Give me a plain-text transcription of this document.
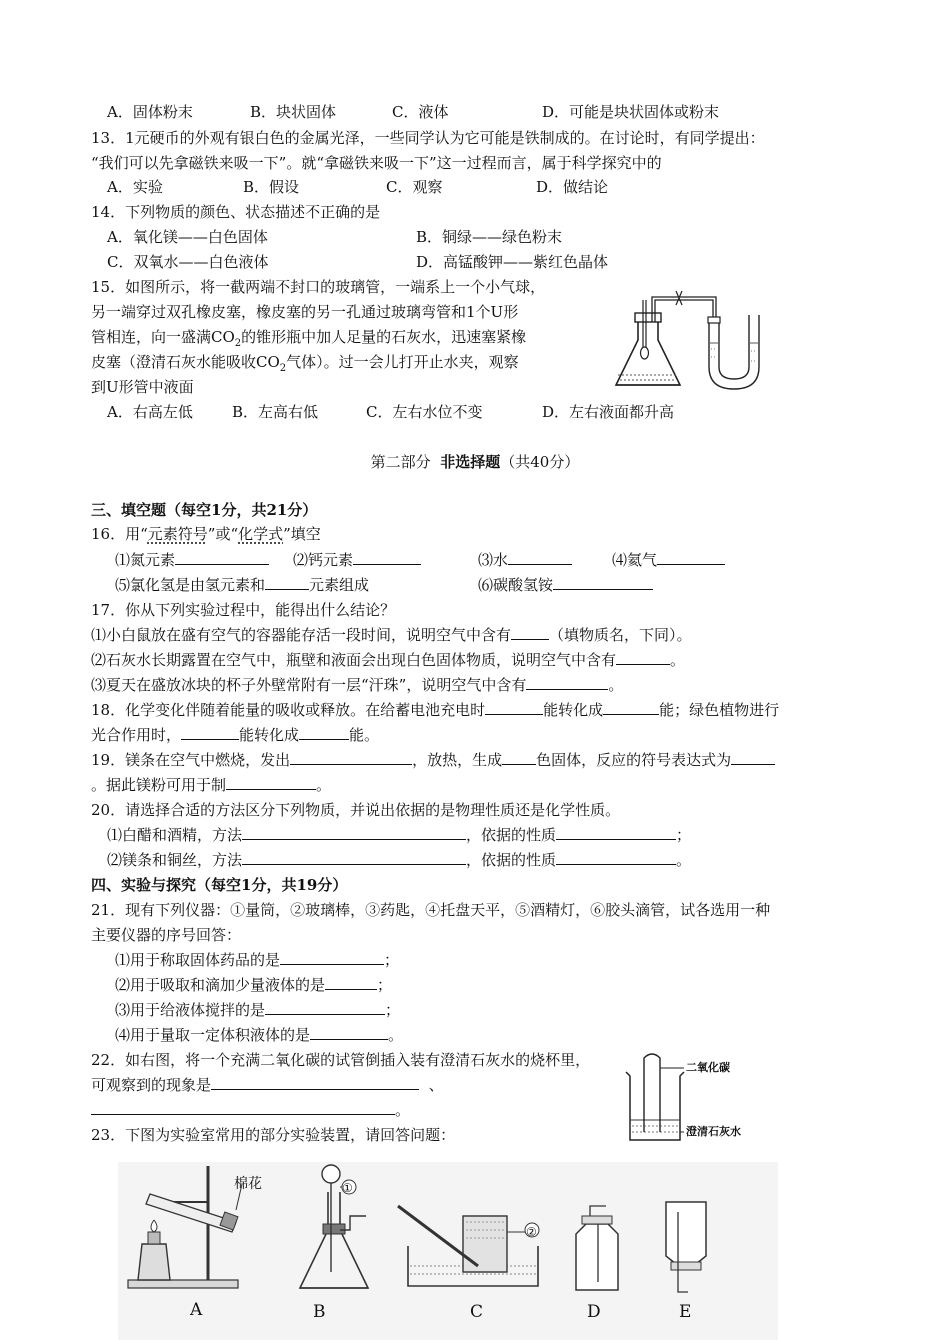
A．固体粉末	B．块状固体	C．液体	D．可能是块状固体或粉末
13．1元硬币的外观有银白色的金属光泽，一些同学认为它可能是铁制成的。在讨论时，有同学提出：
“我们可以先拿磁铁来吸一下”。就“拿磁铁来吸一下”这一过程而言，属于科学探究中的
A．实验	B．假设	C．观察	D．做结论
14．下列物质的颜色、状态描述不正确的是
A．氧化镁——白色固体	B．铜绿——绿色粉末
C．双氧水——白色液体	D．高锰酸钾——紫红色晶体
15．如图所示，将一截两端不封口的玻璃管，一端系上一个小气球，
另一端穿过双孔橡皮塞，橡皮塞的另一孔通过玻璃弯管和1个U形
管相连，向一盛满$CO_2$的锥形瓶中加人足量的石灰水，迅速塞紧橡
皮塞（澄清石灰水能吸收$CO_2$气体）。过一会儿打开止水夹，观察
到U形管中液面
A．右高左低	B．左高右低	C．左右水位不变	D．左右液面都升高
第二部分 非选择题（共40分）
三、填空题（每空1分，共21分）
16．用“元素符号”或“化学式”填空
⑴氮元素	⑵钙元素	⑶水	⑷氦气
⑸氯化氢是由氢元素和	元素组成	⑹碳酸氢铵
17．你从下列实验过程中，能得出什么结论？
⑴小白鼠放在盛有空气的容器能存活一段时间，说明空气中含有	（填物质名，下同）。
⑵石灰水长期露置在空气中，瓶壁和液面会出现白色固体物质，说明空气中含有	。
⑶夏天在盛放冰块的杯子外壁常附有一层“汗珠”，说明空气中含有	。
18．化学变化伴随着能量的吸收或释放。在给蓄电池充电时	能转化成	能；绿色植物进行
光合作用时，	能转化成	能。
19．镁条在空气中燃烧，发出	，放热，生成 色固体，反应的符号表达式为
。据此镁粉可用于制	。
20．请选择合适的方法区分下列物质，并说出依据的是物理性质还是化学性质。
⑴白醋和酒精，方法	，依据的性质	；
⑵镁条和铜丝，方法	，依据的性质	。
四、实验与探究（每空1分，共19分）
21．现有下列仪器：①量筒，②玻璃棒，③药匙，④托盘天平，⑤酒精灯，⑥胶头滴管，试各选用一种
主要仪器的序号回答：
⑴用于称取固体药品的是	；
⑵用于吸取和滴加少量液体的是	；
⑶用于给液体搅拌的是	；
⑷用于量取一定体积液体的是	。
22．如右图，将一个充满二氧化碳的试管倒插入装有澄清石灰水的烧杯里，
可观察到的现象是	、
。
二氧化碳
澄清石灰水
23．下图为实验室常用的部分实验装置，请回答问题：
棉花	①
②
A	B	C	D	E
